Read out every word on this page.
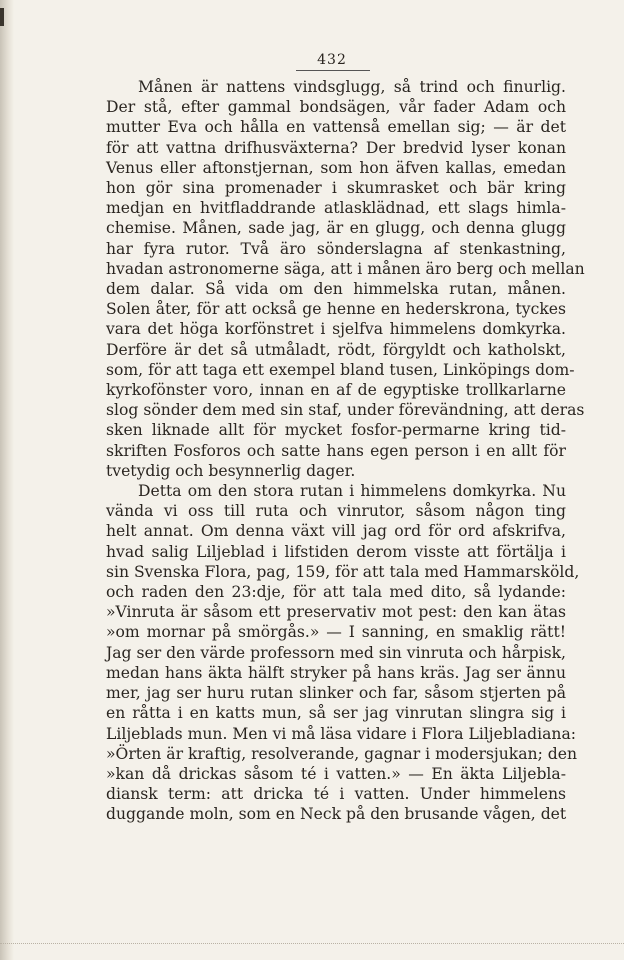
432
Månen är nattens vindsglugg, så trind och finurlig.
Der stå, efter gammal bondsägen, vår fader Adam och
mutter Eva och hålla en vattenså emellan sig; — är det
för att vattna drifhusväxterna? Der bredvid lyser konan
Venus eller aftonstjernan, som hon äfven kallas, emedan
hon gör sina promenader i skumrasket och bär kring
medjan en hvitfladdrande atlasklädnad, ett slags himla-
chemise. Månen, sade jag, är en glugg, och denna glugg
har fyra rutor. Två äro sönderslagna af stenkastning,
hvadan astronomerne säga, att i månen äro berg och mellan
dem dalar. Så vida om den himmelska rutan, månen.
Solen åter, för att också ge henne en hederskrona, tyckes
vara det höga korfönstret i sjelfva himmelens domkyrka.
Derföre är det så utmåladt, rödt, förgyldt och katholskt,
som, för att taga ett exempel bland tusen, Linköpings dom-
kyrkofönster voro, innan en af de egyptiske trollkarlarne
slog sönder dem med sin staf, under förevändning, att deras
sken liknade allt för mycket fosfor-permarne kring tid-
skriften Fosforos och satte hans egen person i en allt för
tvetydig och besynnerlig dager.
Detta om den stora rutan i himmelens domkyrka. Nu
vända vi oss till ruta och vinrutor, såsom någon ting
helt annat. Om denna växt vill jag ord för ord afskrifva,
hvad salig Liljeblad i lifstiden derom visste att förtälja i
sin Svenska Flora, pag, 159, för att tala med Hammarsköld,
och raden den 23:dje, för att tala med dito, så lydande:
»Vinruta är såsom ett preservativ mot pest: den kan ätas
»om mornar på smörgås.» — I sanning, en smaklig rätt!
Jag ser den värde professorn med sin vinruta och hårpisk,
medan hans äkta hälft stryker på hans kräs. Jag ser ännu
mer, jag ser huru rutan slinker och far, såsom stjerten på
en råtta i en katts mun, så ser jag vinrutan slingra sig i
Liljeblads mun. Men vi må läsa vidare i Flora Liljebladiana:
»Örten är kraftig, resolverande, gagnar i modersjukan; den
»kan då drickas såsom té i vatten.» — En äkta Liljebla-
diansk term: att dricka té i vatten. Under himmelens
duggande moln, som en Neck på den brusande vågen, det
